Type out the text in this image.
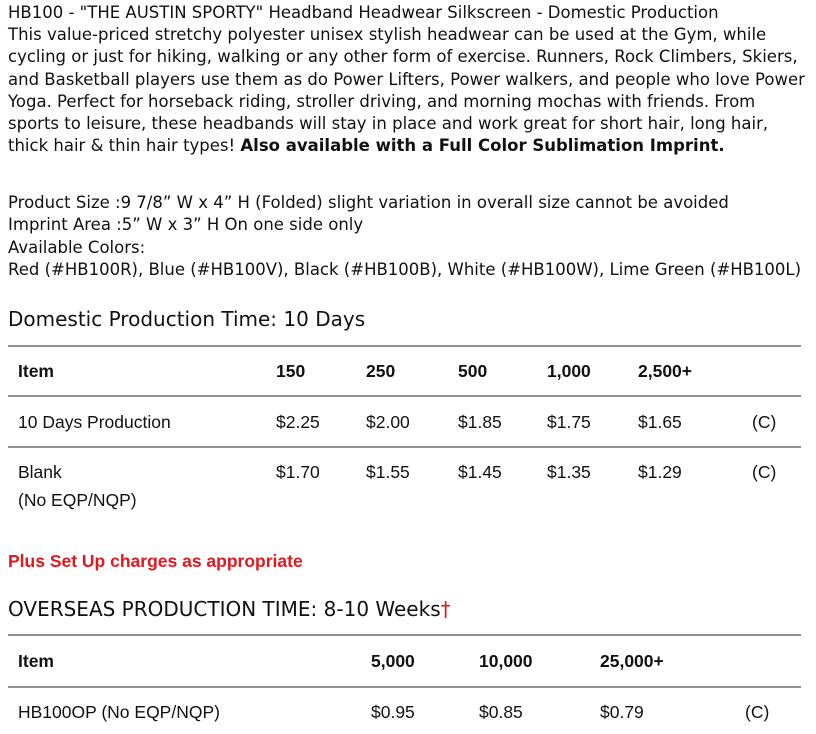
HB100 - "THE AUSTIN SPORTY" Headband Headwear Silkscreen - Domestic Production

This value-priced stretchy polyester unisex stylish headwear can be used at the Gym, while cycling or just for hiking, walking or any other form of exercise. Runners, Rock Climbers, Skiers, and Basketball players use them as do Power Lifters, Power walkers, and people who love Power Yoga. Perfect for horseback riding, stroller driving, and morning mochas with friends. From sports to leisure, these headbands will stay in place and work great for short hair, long hair, thick hair & thin hair types! Also available with a Full Color Sublimation Imprint.

Product Size :9 7/8” W x 4” H (Folded) slight variation in overall size cannot be avoidedImprint Area :5” W x 3” H On one side only
Available Colors:
Red (#HB100R), Blue (#HB100V), Black (#HB100B), White (#HB100W), Lime Green (#HB100L)

Domestic Production Time: 10 Days
Item	150	250	500	1,000	2,500+
10 Days Production	$2.25	$2.00	$1.85	$1.75	$1.65	(C)
Blank
(No EQP/NQP)
$1.70	$1.55	$1.45	$1.35	$1.29	(C)
Plus Set Up charges as appropriate
OVERSEAS PRODUCTION TIME: 8-10 Weeks†
Item	5,000	10,000	25,000+
HB100OP (No EQP/NQP)	$0.95	$0.85	$0.79	(C)
